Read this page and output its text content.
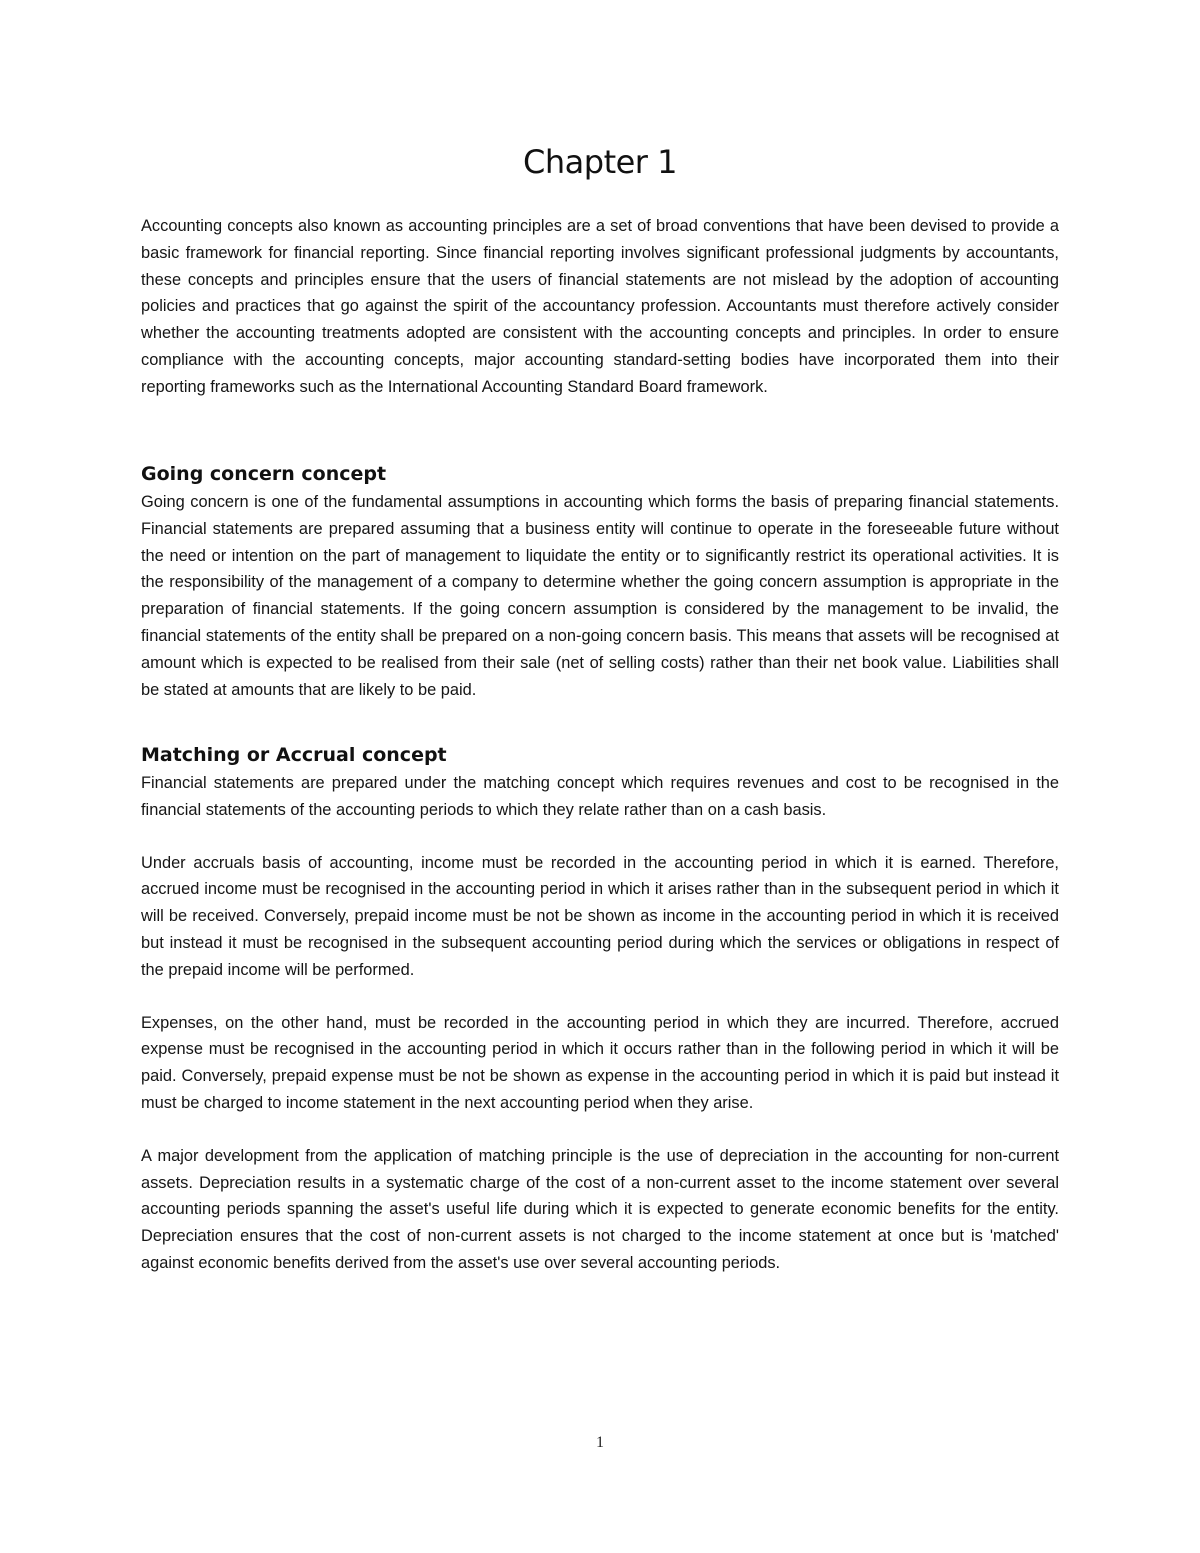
Chapter 1

Accounting concepts also known as accounting principles are a set of broad conventions that have been devised to provide a basic framework for financial reporting. Since financial reporting involves significant professional judgments by accountants, these concepts and principles ensure that the users of financial statements are not mislead by the adoption of accounting policies and practices that go against the spirit of the accountancy profession. Accountants must therefore actively consider whether the accounting treatments adopted are consistent with the accounting concepts and principles. In order to ensure compliance with the accounting concepts, major accounting standard-setting bodies have incorporated them into their reporting frameworks such as the International Accounting Standard Board framework.

Going concern concept

Going concern is one of the fundamental assumptions in accounting which forms the basis of preparing financial statements. Financial statements are prepared assuming that a business entity will continue to operate in the foreseeable future without the need or intention on the part of management to liquidate the entity or to significantly restrict its operational activities. It is the responsibility of the management of a company to determine whether the going concern assumption is appropriate in the preparation of financial statements. If the going concern assumption is considered by the management to be invalid, the financial statements of the entity shall be prepared on a non-going concern basis. This means that assets will be recognised at amount which is expected to be realised from their sale (net of selling costs) rather than their net book value. Liabilities shall be stated at amounts that are likely to be paid.

Matching or Accrual concept

Financial statements are prepared under the matching concept which requires revenues and cost to be recognised in the financial statements of the accounting periods to which they relate rather than on a cash basis.

Under accruals basis of accounting, income must be recorded in the accounting period in which it is earned. Therefore, accrued income must be recognised in the accounting period in which it arises rather than in the subsequent period in which it will be received. Conversely, prepaid income must be not be shown as income in the accounting period in which it is received but instead it must be recognised in the subsequent accounting period during which the services or obligations in respect of the prepaid income will be performed.

Expenses, on the other hand, must be recorded in the accounting period in which they are incurred. Therefore, accrued expense must be recognised in the accounting period in which it occurs rather than in the following period in which it will be paid. Conversely, prepaid expense must be not be shown as expense in the accounting period in which it is paid but instead it must be charged to income statement in the next accounting period when they arise.

A major development from the application of matching principle is the use of depreciation in the accounting for non-current assets. Depreciation results in a systematic charge of the cost of a non-current asset to the income statement over several accounting periods spanning the asset's useful life during which it is expected to generate economic benefits for the entity. Depreciation ensures that the cost of non-current assets is not charged to the income statement at once but is 'matched' against economic benefits derived from the asset's use over several accounting periods.

1
